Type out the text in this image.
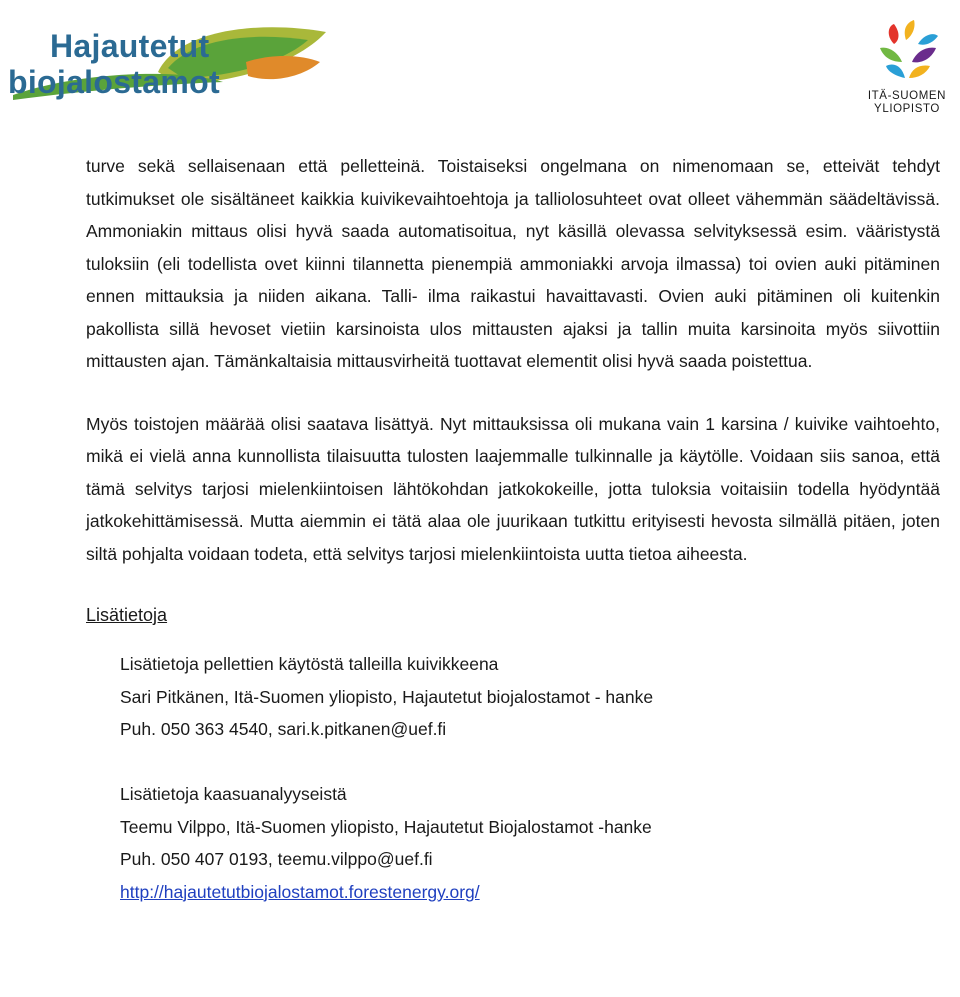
Hajautetut
biojalostamot	ITÄ-SUOMEN
YLIOPISTO

turve sekä sellaisenaan että pelletteinä. Toistaiseksi ongelmana on nimenomaan se, etteivät tehdyt tutkimukset ole sisältäneet kaikkia kuivikevaihtoehtoja ja talliolosuhteet ovat olleet vähemmän säädeltävissä. Ammoniakin mittaus olisi hyvä saada automatisoitua, nyt käsillä olevassa selvityksessä esim. vääristystä tuloksiin (eli todellista ovet kiinni tilannetta pienempiä ammoniakki arvoja ilmassa) toi ovien auki pitäminen ennen mittauksia ja niiden aikana. Talli- ilma raikastui havaittavasti. Ovien auki pitäminen oli kuitenkin pakollista sillä hevoset vietiin karsinoista ulos mittausten ajaksi ja tallin muita karsinoita myös siivottiin mittausten ajan. Tämänkaltaisia mittausvirheitä tuottavat elementit olisi hyvä saada poistettua.

Myös toistojen määrää olisi saatava lisättyä. Nyt mittauksissa oli mukana vain 1 karsina / kuivike vaihtoehto, mikä ei vielä anna kunnollista tilaisuutta tulosten laajemmalle tulkinnalle ja käytölle. Voidaan siis sanoa, että tämä selvitys tarjosi mielenkiintoisen lähtökohdan jatkokokeille, jotta tuloksia voitaisiin todella hyödyntää jatkokehittämisessä. Mutta aiemmin ei tätä alaa ole juurikaan tutkittu erityisesti hevosta silmällä pitäen, joten siltä pohjalta voidaan todeta, että selvitys tarjosi mielenkiintoista uutta tietoa aiheesta.

Lisätietoja
Lisätietoja pellettien käytöstä talleilla kuivikkeena
Sari Pitkänen, Itä-Suomen yliopisto, Hajautetut biojalostamot - hanke
Puh. 050 363 4540, sari.k.pitkanen@uef.fi
Lisätietoja kaasuanalyyseistä
Teemu Vilppo, Itä-Suomen yliopisto, Hajautetut Biojalostamot -hanke
Puh. 050 407 0193, teemu.vilppo@uef.fi
http://hajautetutbiojalostamot.forestenergy.org/
